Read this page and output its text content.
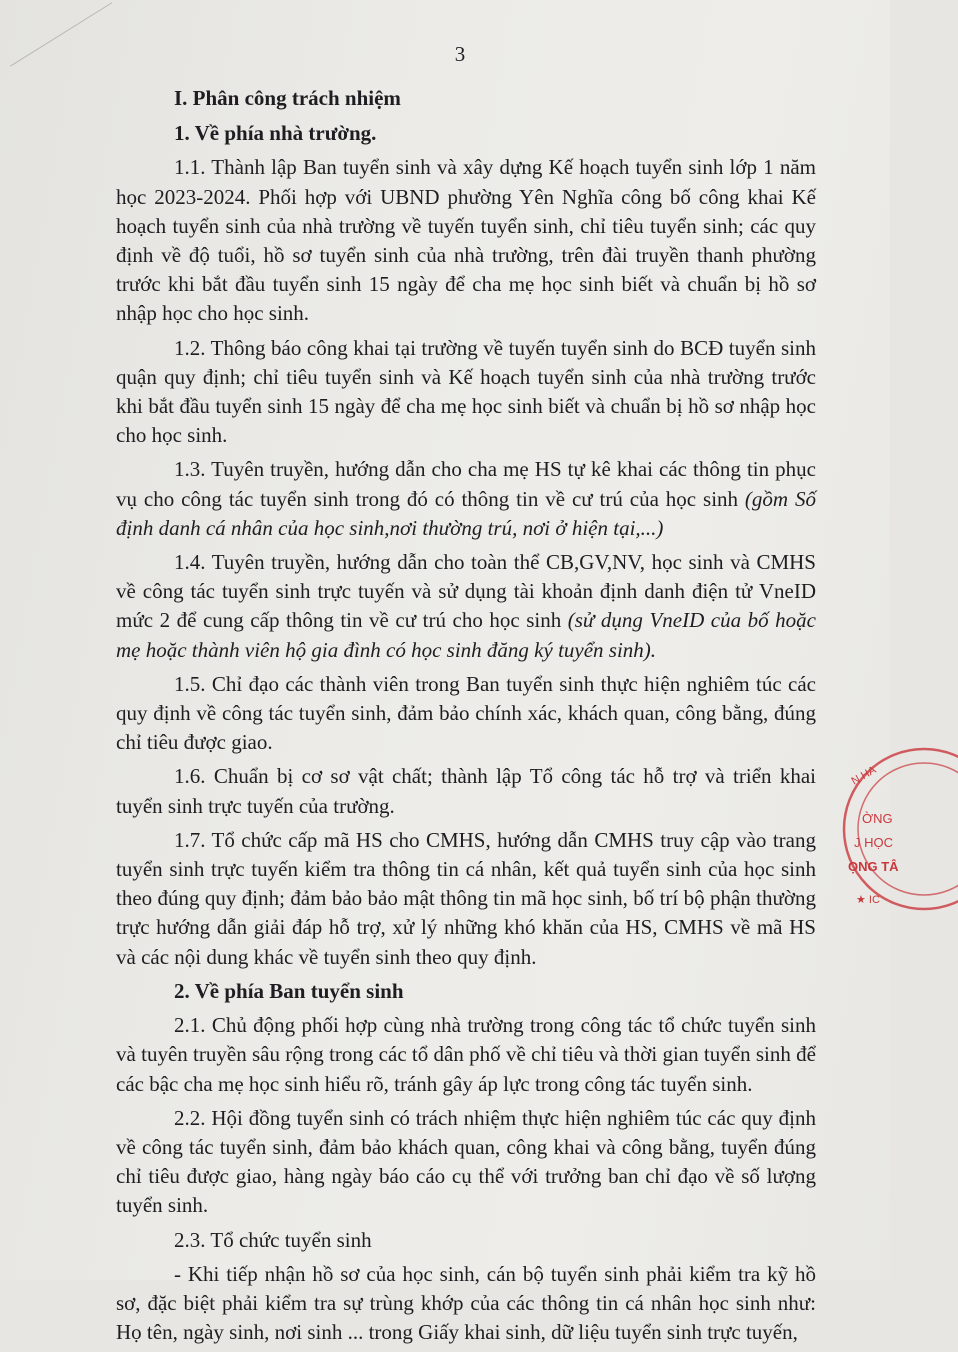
3

I. Phân công trách nhiệm

1. Về phía nhà trường.

1.1. Thành lập Ban tuyển sinh và xây dựng Kế hoạch tuyển sinh lớp 1 năm học 2023-2024. Phối hợp với UBND phường Yên Nghĩa công bố công khai Kế hoạch tuyển sinh của nhà trường về tuyến tuyển sinh, chỉ tiêu tuyển sinh; các quy định về độ tuổi, hồ sơ tuyển sinh của nhà trường, trên đài truyền thanh phường trước khi bắt đầu tuyển sinh 15 ngày để cha mẹ học sinh biết và chuẩn bị hồ sơ nhập học cho học sinh.

1.2. Thông báo công khai tại trường về tuyến tuyển sinh do BCĐ tuyển sinh quận quy định; chỉ tiêu tuyển sinh và Kế hoạch tuyển sinh của nhà trường trước khi bắt đầu tuyển sinh 15 ngày để cha mẹ học sinh biết và chuẩn bị hồ sơ nhập học cho học sinh.

1.3. Tuyên truyền, hướng dẫn cho cha mẹ HS tự kê khai các thông tin phục vụ cho công tác tuyển sinh trong đó có thông tin về cư trú của học sinh (gồm Số định danh cá nhân của học sinh,nơi thường trú, nơi ở hiện tại,...)

1.4. Tuyên truyền, hướng dẫn cho toàn thể CB,GV,NV, học sinh và CMHS về công tác tuyển sinh trực tuyến và sử dụng tài khoản định danh điện tử VneID mức 2 để cung cấp thông tin về cư trú cho học sinh (sử dụng VneID của bố hoặc mẹ hoặc thành viên hộ gia đình có học sinh đăng ký tuyển sinh).

1.5. Chỉ đạo các thành viên trong Ban tuyển sinh thực hiện nghiêm túc các quy định về công tác tuyển sinh, đảm bảo chính xác, khách quan, công bằng, đúng chỉ tiêu được giao.

1.6. Chuẩn bị cơ sơ vật chất; thành lập Tổ công tác hỗ trợ và triển khai tuyển sinh trực tuyến của trường.

1.7. Tổ chức cấp mã HS cho CMHS, hướng dẫn CMHS truy cập vào trang tuyển sinh trực tuyến kiểm tra thông tin cá nhân, kết quả tuyển sinh của học sinh theo đúng quy định; đảm bảo bảo mật thông tin mã học sinh, bố trí bộ phận thường trực hướng dẫn giải đáp hỗ trợ, xử lý những khó khăn của HS, CMHS về mã HS và các nội dung khác về tuyển sinh theo quy định.

2. Về phía Ban tuyển sinh

2.1. Chủ động phối hợp cùng nhà trường trong công tác tổ chức tuyển sinh và tuyên truyền sâu rộng trong các tổ dân phố về chỉ tiêu và thời gian tuyển sinh để các bậc cha mẹ học sinh hiểu rõ, tránh gây áp lực trong công tác tuyển sinh.

2.2. Hội đồng tuyển sinh có trách nhiệm thực hiện nghiêm túc các quy định về công tác tuyển sinh, đảm bảo khách quan, công khai và công bằng, tuyển đúng chỉ tiêu được giao, hàng ngày báo cáo cụ thể với trưởng ban chỉ đạo về số lượng tuyển sinh.

2.3. Tổ chức tuyển sinh

- Khi tiếp nhận hồ sơ của học sinh, cán bộ tuyển sinh phải kiểm tra kỹ hồ sơ, đặc biệt phải kiểm tra sự trùng khớp của các thông tin cá nhân học sinh như: Họ tên, ngày sinh, nơi sinh ... trong Giấy khai sinh, dữ liệu tuyển sinh trực tuyến,

N HA
ỜNG
J HỌC
ỌNG TÂ
★ IC
